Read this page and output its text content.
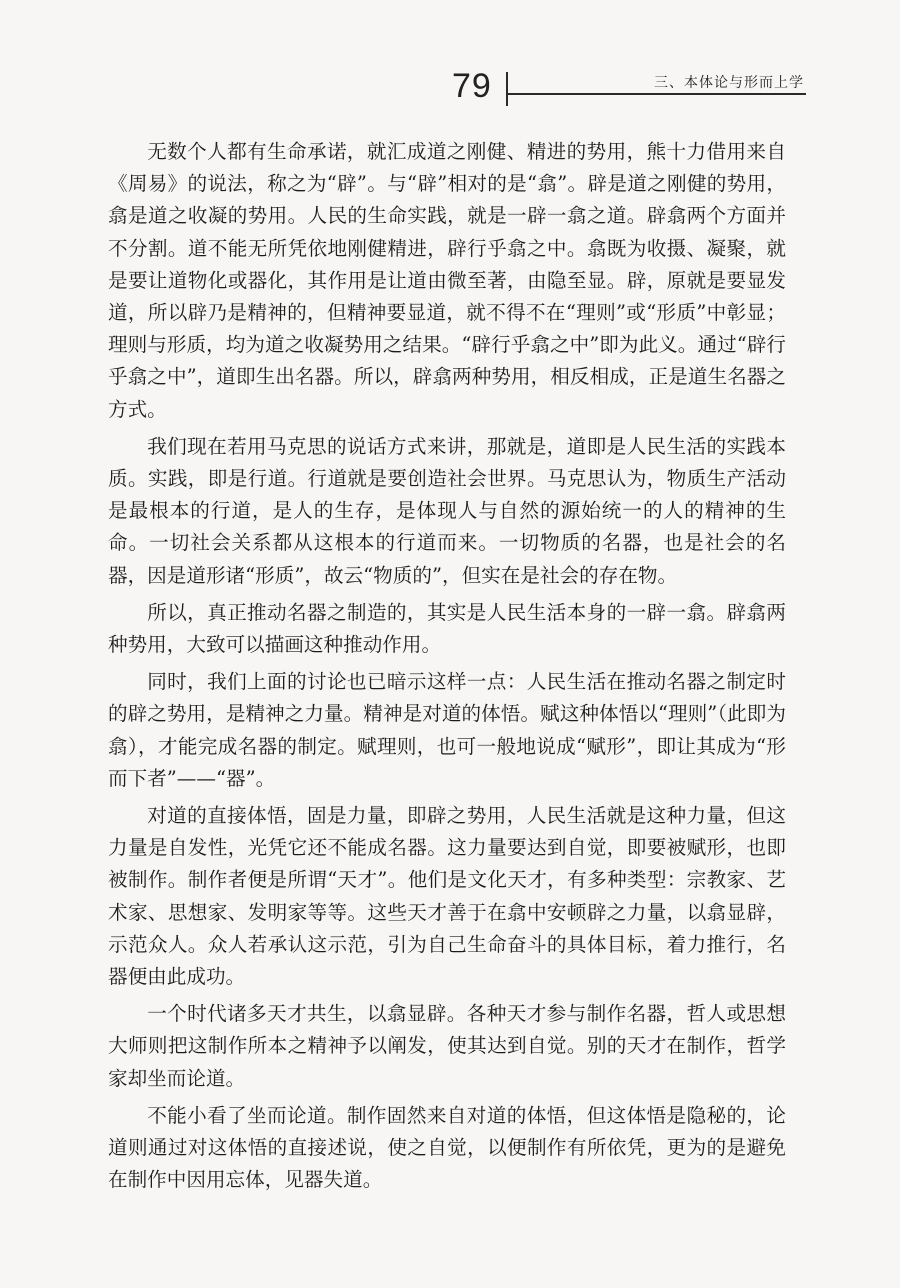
79	三、本体论与形而上学

无数个人都有生命承诺，就汇成道之刚健、精进的势用，熊十力借用来自《周易》的说法，称之为“辟”。与“辟”相对的是“翕”。辟是道之刚健的势用，翕是道之收凝的势用。人民的生命实践，就是一辟一翕之道。辟翕两个方面并不分割。道不能无所凭依地刚健精进，辟行乎翕之中。翕既为收摄、凝聚，就是要让道物化或器化，其作用是让道由微至著，由隐至显。辟，原就是要显发道，所以辟乃是精神的，但精神要显道，就不得不在“理则”或“形质”中彰显；理则与形质，均为道之收凝势用之结果。“辟行乎翕之中”即为此义。通过“辟行乎翕之中”，道即生出名器。所以，辟翕两种势用，相反相成，正是道生名器之方式。

我们现在若用马克思的说话方式来讲，那就是，道即是人民生活的实践本质。实践，即是行道。行道就是要创造社会世界。马克思认为，物质生产活动是最根本的行道，是人的生存，是体现人与自然的源始统一的人的精神的生命。一切社会关系都从这根本的行道而来。一切物质的名器，也是社会的名器，因是道形诸“形质”，故云“物质的”，但实在是社会的存在物。

所以，真正推动名器之制造的，其实是人民生活本身的一辟一翕。辟翕两种势用，大致可以描画这种推动作用。

同时，我们上面的讨论也已暗示这样一点：人民生活在推动名器之制定时的辟之势用，是精神之力量。精神是对道的体悟。赋这种体悟以“理则”（此即为翕），才能完成名器的制定。赋理则，也可一般地说成“赋形”，即让其成为“形而下者”——“器”。

对道的直接体悟，固是力量，即辟之势用，人民生活就是这种力量，但这力量是自发性，光凭它还不能成名器。这力量要达到自觉，即要被赋形，也即被制作。制作者便是所谓“天才”。他们是文化天才，有多种类型：宗教家、艺术家、思想家、发明家等等。这些天才善于在翕中安顿辟之力量，以翕显辟，示范众人。众人若承认这示范，引为自己生命奋斗的具体目标，着力推行，名器便由此成功。

一个时代诸多天才共生，以翕显辟。各种天才参与制作名器，哲人或思想大师则把这制作所本之精神予以阐发，使其达到自觉。别的天才在制作，哲学家却坐而论道。

不能小看了坐而论道。制作固然来自对道的体悟，但这体悟是隐秘的，论道则通过对这体悟的直接述说，使之自觉，以便制作有所依凭，更为的是避免在制作中因用忘体，见器失道。
